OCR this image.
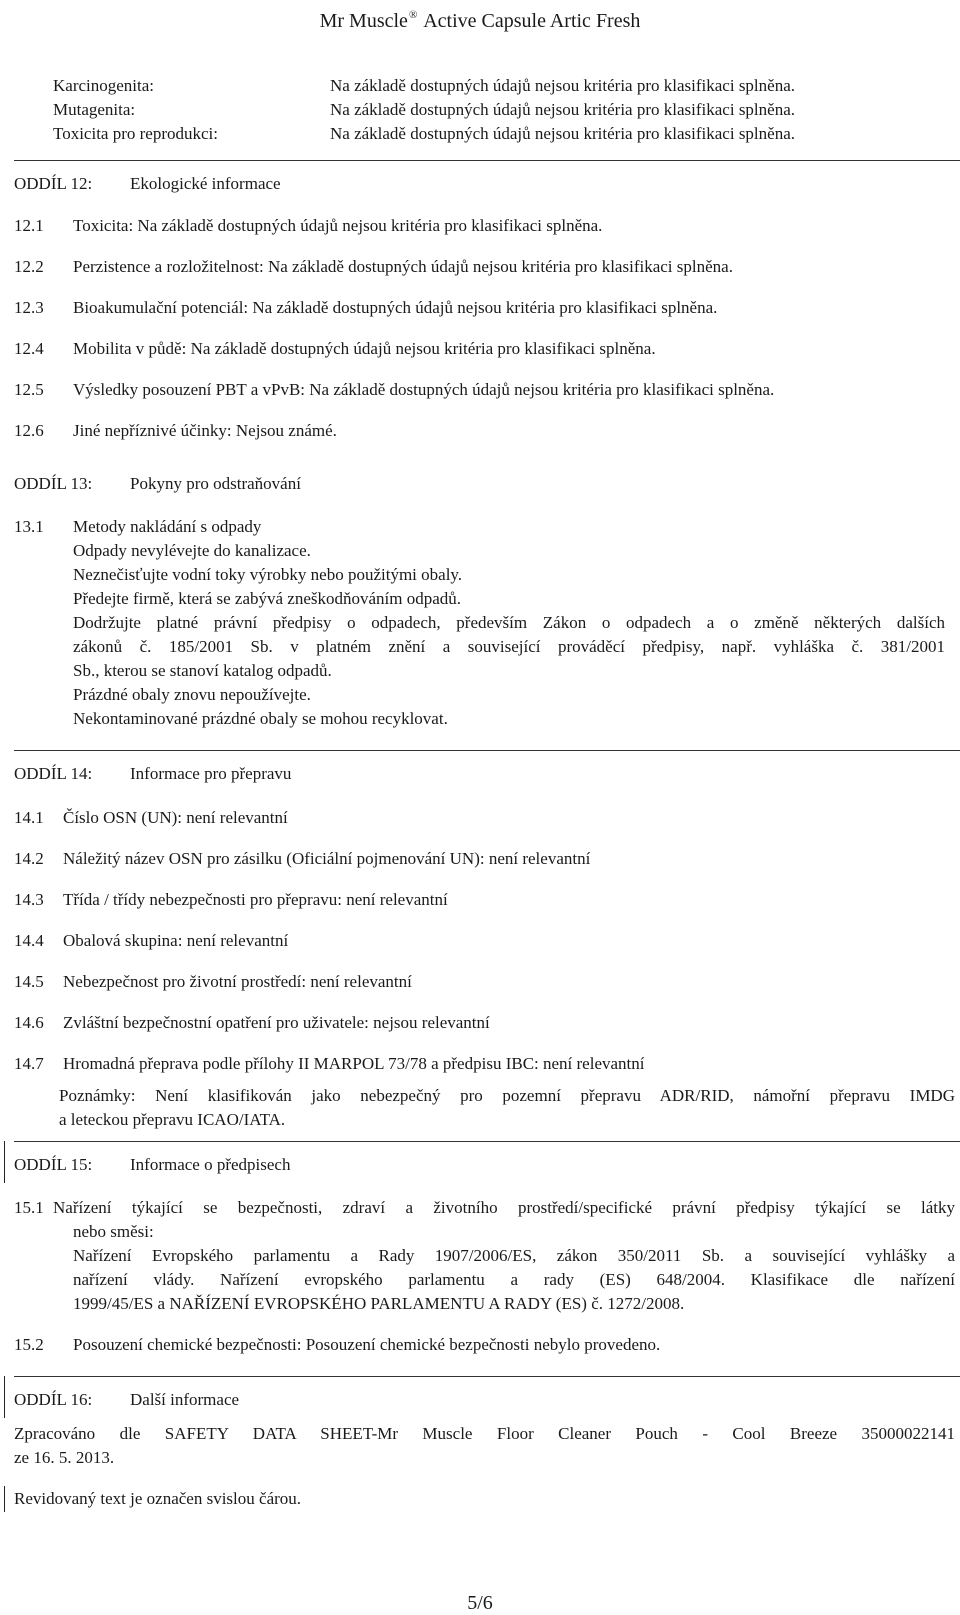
Mr Muscle® Active Capsule Artic Fresh
Karcinogenita:	Na základě dostupných údajů nejsou kritéria pro klasifikaci splněna.
Mutagenita:	Na základě dostupných údajů nejsou kritéria pro klasifikaci splněna.
Toxicita pro reprodukci:	Na základě dostupných údajů nejsou kritéria pro klasifikaci splněna.
ODDÍL 12: Ekologické informace
12.1 Toxicita: Na základě dostupných údajů nejsou kritéria pro klasifikaci splněna.
12.2 Perzistence a rozložitelnost: Na základě dostupných údajů nejsou kritéria pro klasifikaci splněna.
12.3 Bioakumulační potenciál: Na základě dostupných údajů nejsou kritéria pro klasifikaci splněna.
12.4 Mobilita v půdě: Na základě dostupných údajů nejsou kritéria pro klasifikaci splněna.
12.5 Výsledky posouzení PBT a vPvB: Na základě dostupných údajů nejsou kritéria pro klasifikaci splněna.
12.6 Jiné nepříznivé účinky: Nejsou známé.
ODDÍL 13: Pokyny pro odstraňování
13.1 Metody nakládání s odpady
Odpady nevylévejte do kanalizace.
Neznečisťujte vodní toky výrobky nebo použitými obaly.
Předejte firmě, která se zabývá zneškodňováním odpadů.
Dodržujte platné právní předpisy o odpadech, především Zákon o odpadech a o změně některých dalších
zákonů č. 185/2001 Sb. v platném znění a související prováděcí předpisy, např. vyhláška č. 381/2001
Sb., kterou se stanoví katalog odpadů.
Prázdné obaly znovu nepoužívejte.
Nekontaminované prázdné obaly se mohou recyklovat.
ODDÍL 14: Informace pro přepravu
14.1 Číslo OSN (UN): není relevantní
14.2 Náležitý název OSN pro zásilku (Oficiální pojmenování UN): není relevantní
14.3 Třída / třídy nebezpečnosti pro přepravu: není relevantní
14.4 Obalová skupina: není relevantní
14.5 Nebezpečnost pro životní prostředí: není relevantní
14.6 Zvláštní bezpečnostní opatření pro uživatele: nejsou relevantní
14.7 Hromadná přeprava podle přílohy II MARPOL 73/78 a předpisu IBC: není relevantní
Poznámky: Není klasifikován jako nebezpečný pro pozemní přepravu ADR/RID, námořní přepravu IMDG
a leteckou přepravu ICAO/IATA.
ODDÍL 15: Informace o předpisech
15.1 Nařízení týkající se bezpečnosti, zdraví a životního prostředí/specifické právní předpisy týkající se látky
nebo směsi:
Nařízení Evropského parlamentu a Rady 1907/2006/ES, zákon 350/2011 Sb. a související vyhlášky a
nařízení vlády. Nařízení evropského parlamentu a rady (ES) 648/2004. Klasifikace dle nařízení
1999/45/ES a NAŘÍZENÍ EVROPSKÉHO PARLAMENTU A RADY (ES) č. 1272/2008.
15.2 Posouzení chemické bezpečnosti: Posouzení chemické bezpečnosti nebylo provedeno.
ODDÍL 16: Další informace
Zpracováno dle SAFETY DATA SHEET-Mr Muscle Floor Cleaner Pouch - Cool Breeze 35000022141
ze 16. 5. 2013.
Revidovaný text je označen svislou čárou.
5/6
